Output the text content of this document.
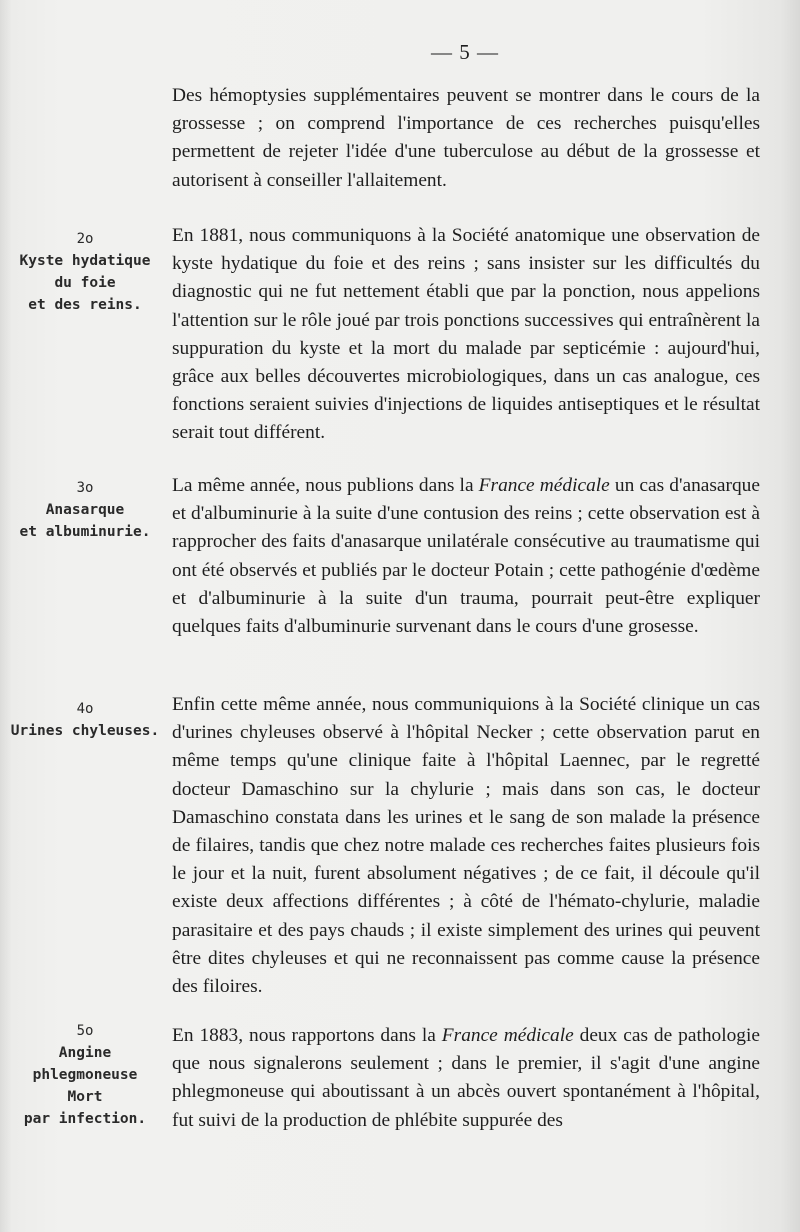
— 5 —

Des hémoptysies supplémentaires peuvent se montrer dans le cours de la grossesse ; on comprend l'importance de ces recherches puisqu'elles permettent de rejeter l'idée d'une tuberculose au début de la grossesse et autorisent à conseiller l'allaitement.

2o
Kyste hydatique
du foie
et des reins.

En 1881, nous communiquons à la Société anatomique une observation de kyste hydatique du foie et des reins ; sans insister sur les difficultés du diagnostic qui ne fut nettement établi que par la ponction, nous appelions l'attention sur le rôle joué par trois ponctions successives qui entraînèrent la suppuration du kyste et la mort du malade par septicémie : aujourd'hui, grâce aux belles découvertes microbiologiques, dans un cas analogue, ces fonctions seraient suivies d'injections de liquides antiseptiques et le résultat serait tout différent.

3o
Anasarque
et albuminurie.

La même année, nous publions dans la France médicale un cas d'anasarque et d'albuminurie à la suite d'une contusion des reins ; cette observation est à rapprocher des faits d'anasarque unilatérale consécutive au traumatisme qui ont été observés et publiés par le docteur Potain ; cette pathogénie d'œdème et d'albuminurie à la suite d'un trauma, pourrait peut-être expliquer quelques faits d'albuminurie survenant dans le cours d'une grosesse.

4o
Urines chyleuses.

Enfin cette même année, nous communiquions à la Société clinique un cas d'urines chyleuses observé à l'hôpital Necker ; cette observation parut en même temps qu'une clinique faite à l'hôpital Laennec, par le regretté docteur Damaschino sur la chylurie ; mais dans son cas, le docteur Damaschino constata dans les urines et le sang de son malade la présence de filaires, tandis que chez notre malade ces recherches faites plusieurs fois le jour et la nuit, furent absolument négatives ; de ce fait, il découle qu'il existe deux affections différentes ; à côté de l'hémato-chylurie, maladie parasitaire et des pays chauds ; il existe simplement des urines qui peuvent être dites chyleuses et qui ne reconnaissent pas comme cause la présence des filoires.

5o
Angine
phlegmoneuse
Mort
par infection.

En 1883, nous rapportons dans la France médicale deux cas de pathologie que nous signalerons seulement ; dans le premier, il s'agit d'une angine phlegmoneuse qui aboutissant à un abcès ouvert spontanément à l'hôpital, fut suivi de la production de phlébite suppurée des
